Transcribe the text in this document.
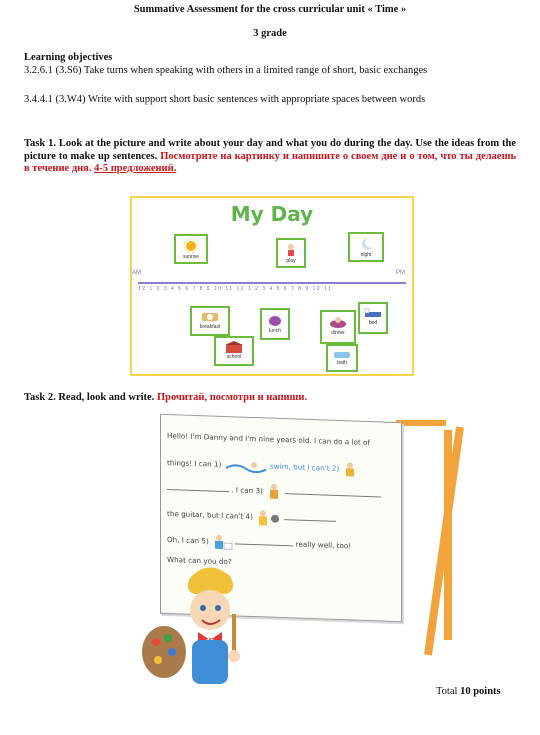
Summative Assessment for the cross curricular unit « Time »
3 grade
Learning objectives
3.2.6.1 (3.S6) Take turns when speaking with others in a limited range of short, basic exchanges
3.4.4.1 (3.W4) Write with support short basic sentences with appropriate spaces between words
Task 1. Look at the picture and write about your day and what you do during the day. Use the ideas from the picture to make up sentences. Посмотрите на картинку и напишите о своем дне и о том, что ты делаешь в течение дня. 4-5 предложений.
My Day
sunrise
play
night
AM	PM
12 1 2 3 4 5 6 7 8 9 10 11 12 1 2 3 4 5 6 7 8 9 10 11
breakfast
school
lunch	dinner
bed
bath
Task 2. Read, look and write. Прочитай, посмотри и напиши.
Hello! I'm Danny and I'm nine years old. I can do a lot of
things! I can 1)	swim, but I can't 2)
. I can 3)
the guitar, but I can't 4)
Oh, I can 5)	really well, too!
What can you do?
Total 10 points
